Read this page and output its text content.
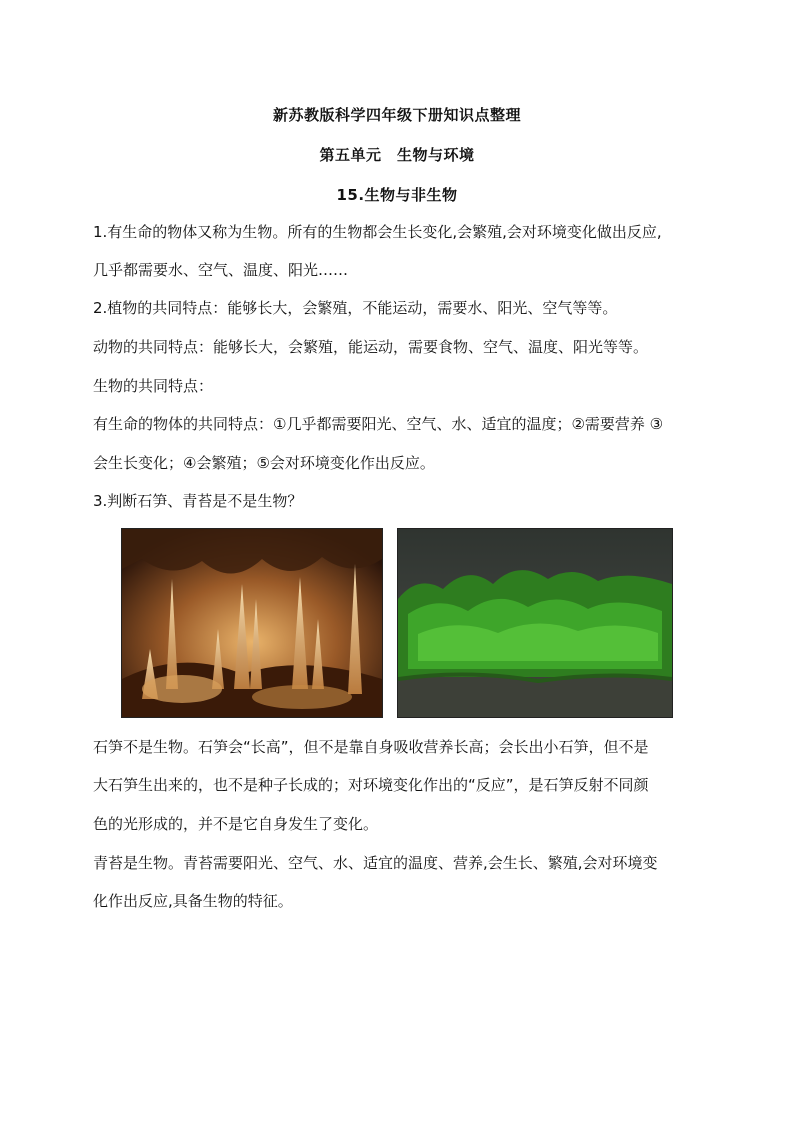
新苏教版科学四年级下册知识点整理
第五单元　生物与环境
15.生物与非生物
1.有生命的物体又称为生物。所有的生物都会生长变化,会繁殖,会对环境变化做出反应,
几乎都需要水、空气、温度、阳光……
2.植物的共同特点：能够长大，会繁殖，不能运动，需要水、阳光、空气等等。
动物的共同特点：能够长大，会繁殖，能运动，需要食物、空气、温度、阳光等等。
生物的共同特点：
有生命的物体的共同特点：①几乎都需要阳光、空气、水、适宜的温度；②需要营养 ③
会生长变化；④会繁殖；⑤会对环境变化作出反应。
3.判断石笋、青苔是不是生物？
石笋不是生物。石笋会“长高”，但不是靠自身吸收营养长高；会长出小石笋，但不是
大石笋生出来的，也不是种子长成的；对环境变化作出的“反应”，是石笋反射不同颜
色的光形成的，并不是它自身发生了变化。
青苔是生物。青苔需要阳光、空气、水、适宜的温度、营养,会生长、繁殖,会对环境变
化作出反应,具备生物的特征。
